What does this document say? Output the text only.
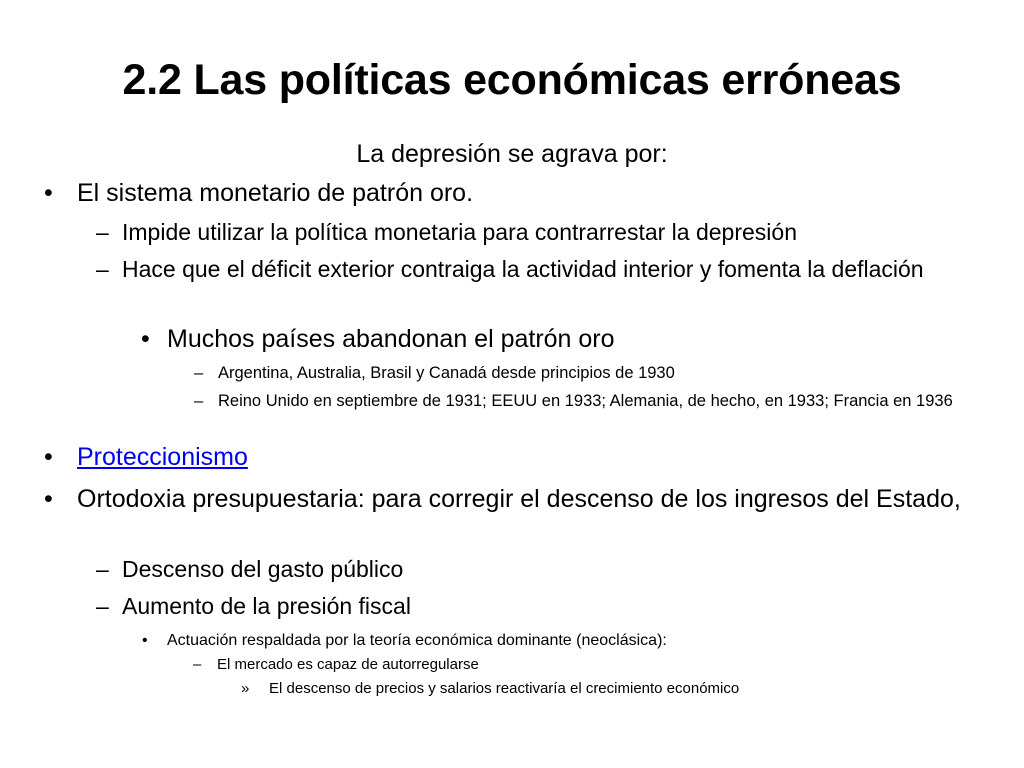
2.2 Las políticas económicas erróneas
La depresión se agrava por:
• El sistema monetario de patrón oro.
– Impide utilizar la política monetaria para contrarrestar la depresión
– Hace que el déficit exterior contraiga la actividad interior y fomenta la deflación
• Muchos países abandonan el patrón oro
– Argentina, Australia, Brasil y Canadá desde principios de 1930
– Reino Unido en septiembre de 1931; EEUU en 1933; Alemania, de hecho, en 1933; Francia en 1936
• Proteccionismo
• Ortodoxia presupuestaria: para corregir el descenso de los ingresos del Estado,
– Descenso del gasto público
– Aumento de la presión fiscal
• Actuación respaldada por la teoría económica dominante (neoclásica):
– El mercado es capaz de autorregularse
» El descenso de precios y salarios reactivaría el crecimiento económico
